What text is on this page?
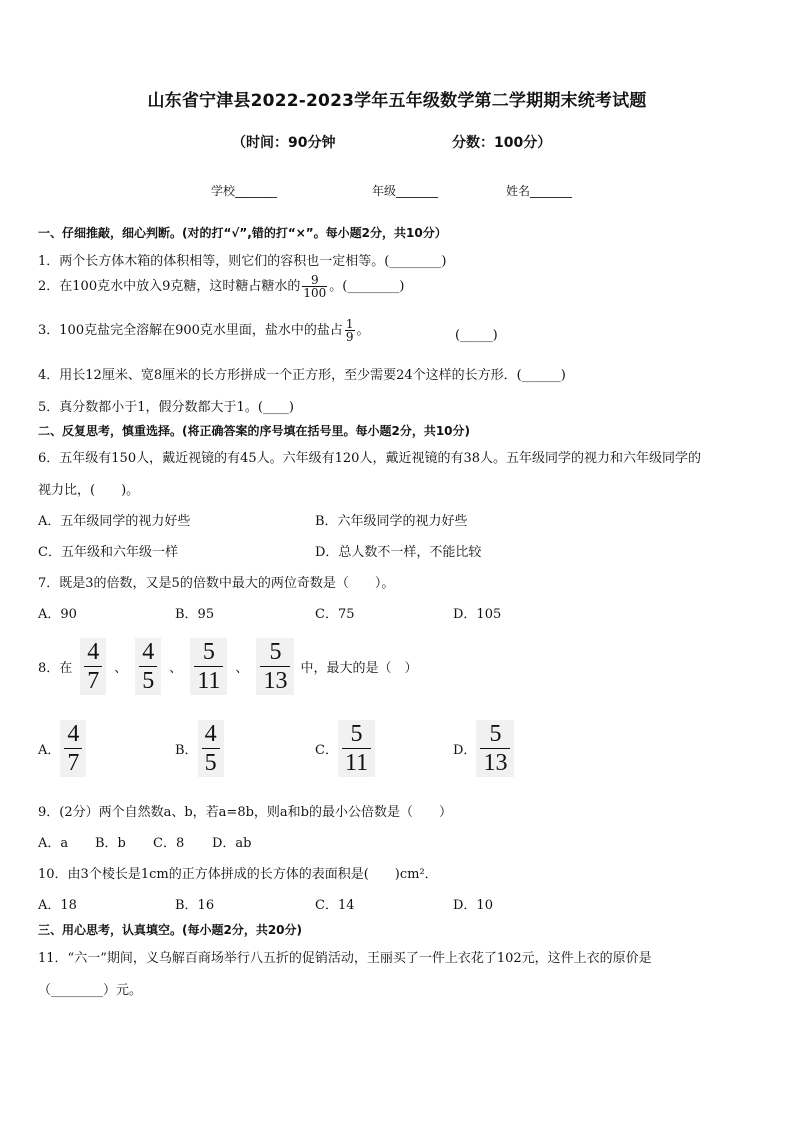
山东省宁津县2022-2023学年五年级数学第二学期期末统考试题
（时间：90分钟	分数：100分）
学校_______	年级_______	姓名_______
一、仔细推敲，细心判断。(对的打“√”,错的打“×”。每小题2分，共10分）
1．两个长方体木箱的体积相等，则它们的容积也一定相等。(________)
2．在100克水中放入9克糖，这时糖占糖水的 $\frac{9}{100}$ 。(________)
3．100克盐完全溶解在900克水里面，盐水中的盐占 $\frac{1}{9}$ 。	(_____)
4．用长12厘米、宽8厘米的长方形拼成一个正方形，至少需要24个这样的长方形．(______)
5．真分数都小于1，假分数都大于1。(____)
二、反复思考，慎重选择。(将正确答案的序号填在括号里。每小题2分，共10分)
6．五年级有150人，戴近视镜的有45人。六年级有120人，戴近视镜的有38人。五年级同学的视力和六年级同学的
视力比，(　　)。
A．五年级同学的视力好些	B．六年级同学的视力好些
C．五年级和六年级一样	D．总人数不一样，不能比较
7．既是3的倍数，又是5的倍数中最大的两位奇数是（　　）。
A．90	B．95	C．75	D．105
8．在 $\frac{4}{7}$ 、 $\frac{4}{5}$ 、 $\frac{5}{11}$ 、 $\frac{5}{13}$ 中，最大的是（　）
A． $\frac{4}{7}$	B． $\frac{4}{5}$	C． $\frac{5}{11}$	D． $\frac{5}{13}$
9．(2分）两个自然数a、b，若a=8b，则a和b的最小公倍数是（　　）
A．a B．b C．8 D．ab
10．由3个棱长是1cm的正方体拼成的长方体的表面积是(　　)cm²．
A．18	B．16	C．14	D．10
三、用心思考，认真填空。(每小题2分，共20分)
11．“六一”期间，义乌解百商场举行八五折的促销活动，王丽买了一件上衣花了102元，这件上衣的原价是
（________）元。
